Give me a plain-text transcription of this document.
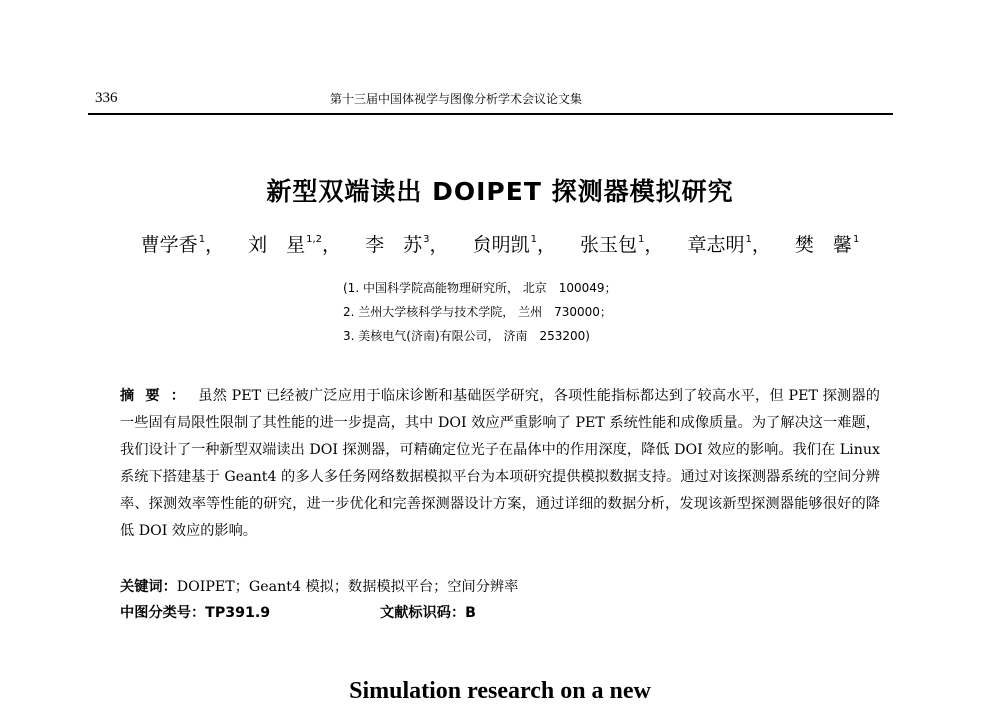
336	第十三届中国体视学与图像分析学术会议论文集
新型双端读出 DOIPET 探测器模拟研究
曹学香$^1$， 刘　星$^{1,2}$， 李　苏$^3$， 贠明凯$^1$， 张玉包$^1$， 章志明$^1$， 樊　馨$^1$
(1. 中国科学院高能物理研究所， 北京　100049；
2. 兰州大学核科学与技术学院， 兰州　730000；
3. 美核电气(济南)有限公司， 济南　253200)
摘要： 虽然 PET 已经被广泛应用于临床诊断和基础医学研究，各项性能指标都达到了较高水平，但 PET 探测器的一些固有局限性限制了其性能的进一步提高，其中 DOI 效应严重影响了 PET 系统性能和成像质量。为了解决这一难题，我们设计了一种新型双端读出 DOI 探测器，可精确定位光子在晶体中的作用深度，降低 DOI 效应的影响。我们在 Linux 系统下搭建基于 Geant4 的多人多任务网络数据模拟平台为本项研究提供模拟数据支持。通过对该探测器系统的空间分辨率、探测效率等性能的研究，进一步优化和完善探测器设计方案，通过详细的数据分析，发现该新型探测器能够很好的降低 DOI 效应的影响。
关键词：DOIPET；Geant4 模拟；数据模拟平台；空间分辨率
中图分类号：TP391.9	文献标识码：B
Simulation research on a new
